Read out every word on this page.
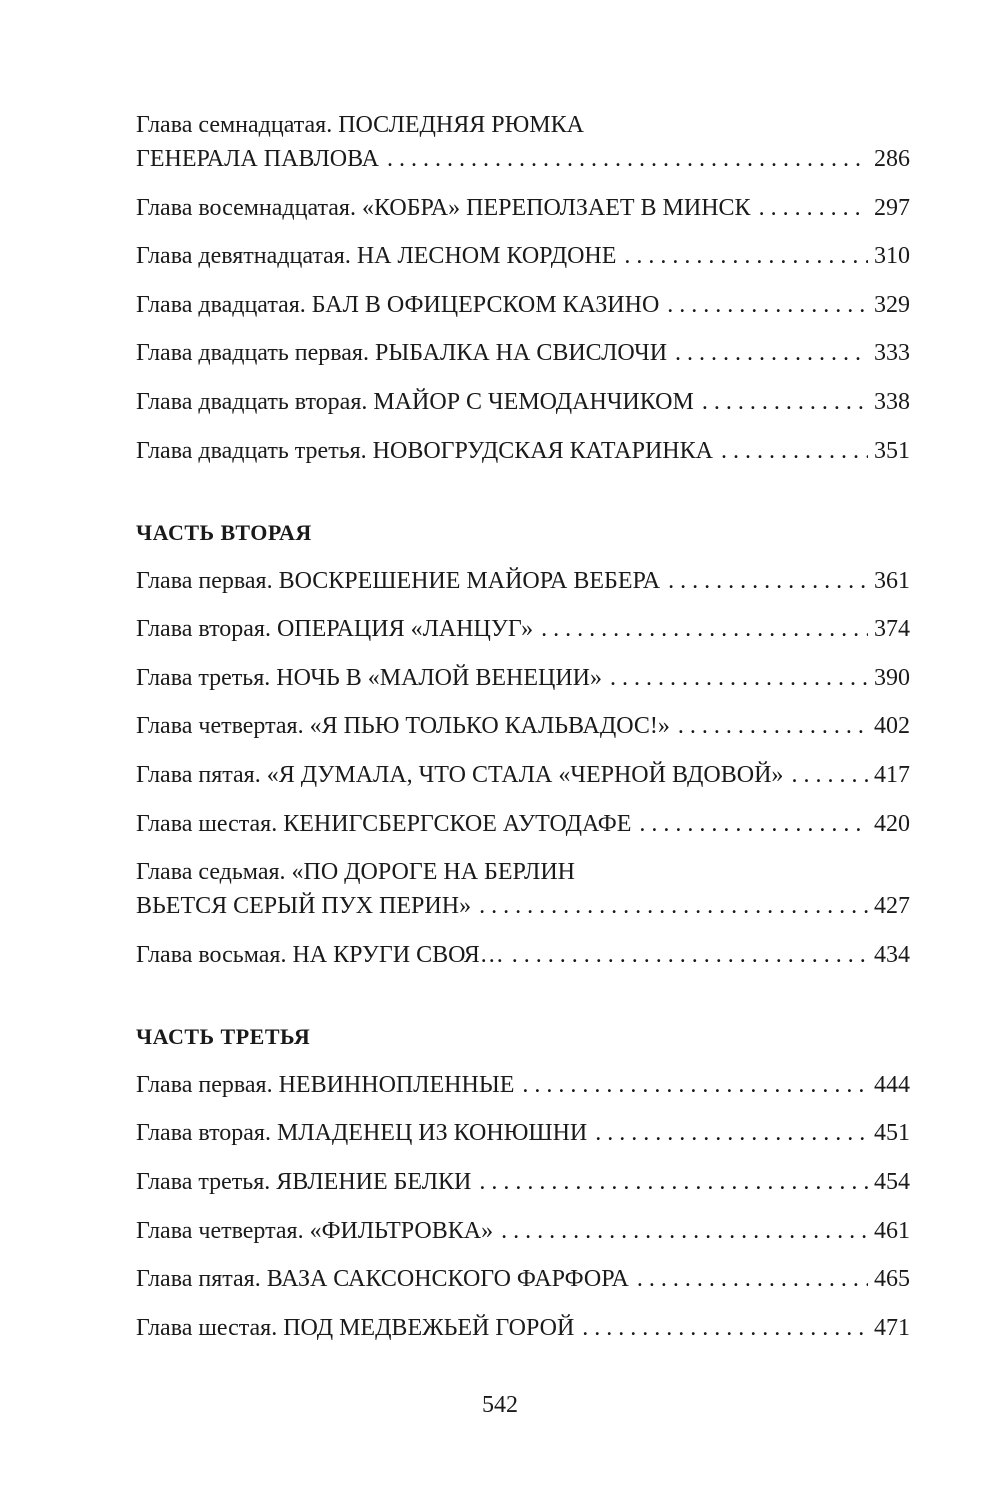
Глава семнадцатая. ПОСЛЕДНЯЯ РЮМКА
ГЕНЕРАЛА ПАВЛОВА . . .	286
Глава восемнадцатая. «КОБРА» ПЕРЕПОЛЗАЕТ В МИНСК . . .	297
Глава девятнадцатая. НА ЛЕСНОМ КОРДОНЕ . . .	310
Глава двадцатая. БАЛ В ОФИЦЕРСКОМ КАЗИНО . . .	329
Глава двадцать первая. РЫБАЛКА НА СВИСЛОЧИ . . .	333
Глава двадцать вторая. МАЙОР С ЧЕМОДАНЧИКОМ . . .	338
Глава двадцать третья. НОВОГРУДСКАЯ КАТАРИНКА . . .	351
ЧАСТЬ ВТОРАЯ
Глава первая. ВОСКРЕШЕНИЕ МАЙОРА ВЕБЕРА . . .	361
Глава вторая. ОПЕРАЦИЯ «ЛАНЦУГ» . . .	374
Глава третья. НОЧЬ В «МАЛОЙ ВЕНЕЦИИ» . . .	390
Глава четвертая. «Я ПЬЮ ТОЛЬКО КАЛЬВАДОС!» . . .	402
Глава пятая. «Я ДУМАЛА, ЧТО СТАЛА «ЧЕРНОЙ ВДОВОЙ» . . .	417
Глава шестая. КЕНИГСБЕРГСКОЕ АУТОДАФЕ . . .	420
Глава седьмая. «ПО ДОРОГЕ НА БЕРЛИН
ВЬЕТСЯ СЕРЫЙ ПУХ ПЕРИН» . . .	427
Глава восьмая. НА КРУГИ СВОЯ… . . .	434
ЧАСТЬ ТРЕТЬЯ
Глава первая. НЕВИННОПЛЕННЫЕ . . .	444
Глава вторая. МЛАДЕНЕЦ ИЗ КОНЮШНИ . . .	451
Глава третья. ЯВЛЕНИЕ БЕЛКИ . . .	454
Глава четвертая. «ФИЛЬТРОВКА» . . .	461
Глава пятая. ВАЗА САКСОНСКОГО ФАРФОРА . . .	465
Глава шестая. ПОД МЕДВЕЖЬЕЙ ГОРОЙ . . .	471
542
